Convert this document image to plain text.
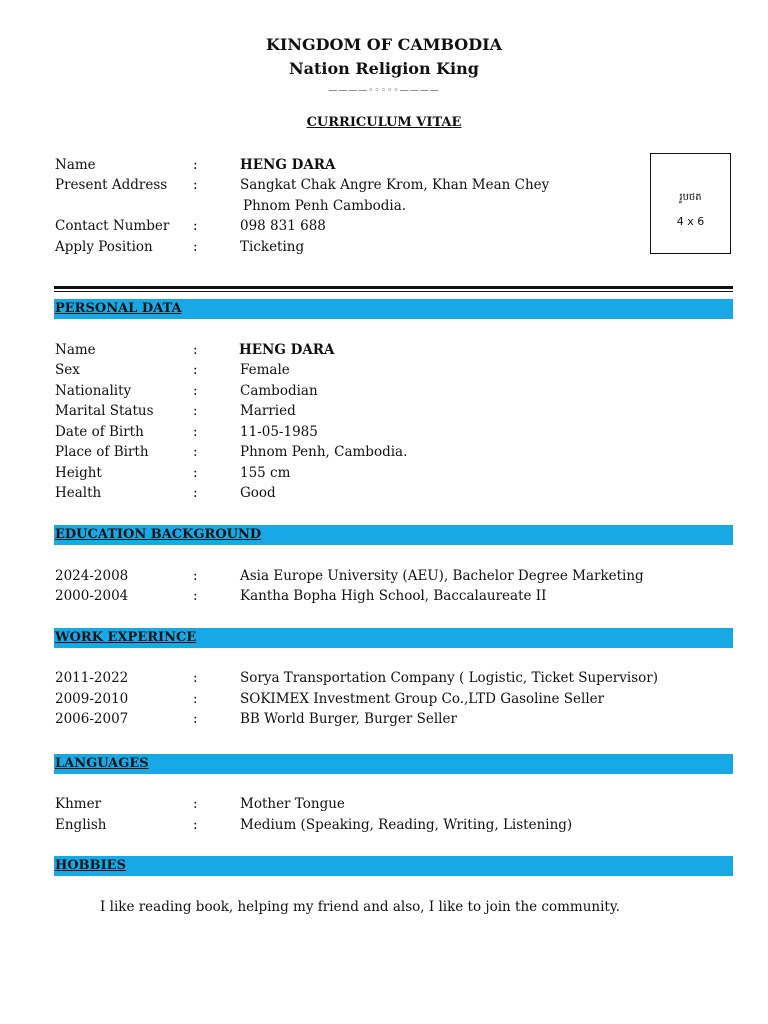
KINGDOM OF CAMBODIA
Nation Religion King
————◦◦◦◦◦————
CURRICULUM VITAE
Name	:	HENG DARA
Present Address :	Sangkat Chak Angre Krom, Khan Mean Chey
Phnom Penh Cambodia.
Contact Number :	098 831 688
Apply Position	:	Ticketing
រូបថត
4 x 6
PERSONAL DATA
Name	:	HENG DARA
Sex	:	Female
Nationality	:	Cambodian
Marital Status	:	Married
Date of Birth	:	11-05-1985
Place of Birth	:	Phnom Penh, Cambodia.
Height	:	155 cm
Health	:	Good
EDUCATION BACKGROUND
2024-2008	:	Asia Europe University (AEU), Bachelor Degree Marketing
2000-2004	:	Kantha Bopha High School, Baccalaureate II
WORK EXPERINCE
2011-2022	:	Sorya Transportation Company ( Logistic, Ticket Supervisor)
2009-2010	:	SOKIMEX Investment Group Co.,LTD Gasoline Seller
2006-2007	:	BB World Burger, Burger Seller
LANGUAGES
Khmer	:	Mother Tongue
English	:	Medium (Speaking, Reading, Writing, Listening)
HOBBIES
I like reading book, helping my friend and also, I like to join the community.
